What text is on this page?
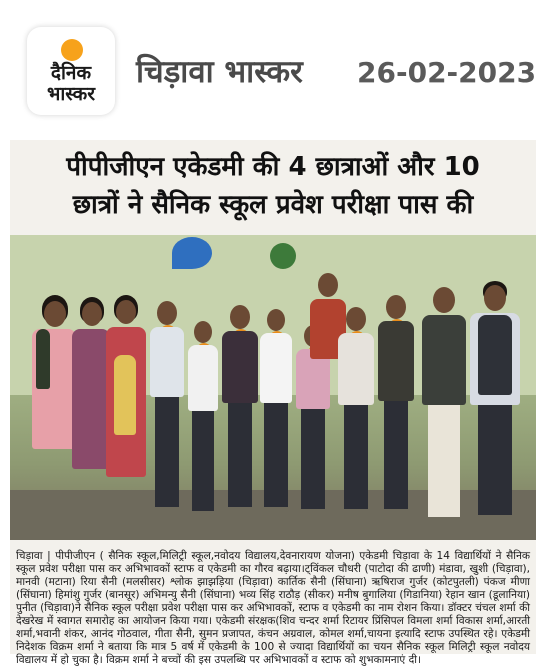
दैनिक
भास्कर
चिड़ावा भास्कर 26-02-2023
पीपीजीएन एकेडमी की 4 छात्राओं और 10
छात्रों ने सैनिक स्कूल प्रवेश परीक्षा पास की
चिड़ावा | पीपीजीएन ( सैनिक स्कूल,मिलिट्री स्कूल,नवोदय विद्यालय,देवनारायण योजना) एकेडमी चिड़ावा के 14 विद्यार्थियों ने सैनिक स्कूल प्रवेश परीक्षा पास कर अभिभावकों स्टाफ व एकेडमी का गौरव बढ़ाया।ट्विंकल चौधरी (पाटोदा की ढाणी) मंडावा, खुशी (चिड़ावा), मानवी (मटाना) रिया सैनी (मलसीसर) श्लोक झाझड़िया (चिड़ावा) कार्तिक सैनी (सिंघाना) ऋषिराज गुर्जर (कोटपुतली) पंकज मीणा (सिंघाना) हिमांशु गुर्जर (बानसूर) अभिमन्यु सैनी (सिंघाना) भव्य सिंह राठौड़ (सीकर) मनीष बुगालिया (गिडानिया) रेहान खान (डूलानिया) पुनीत (चिड़ावा)ने सैनिक स्कूल परीक्षा प्रवेश परीक्षा पास कर अभिभावकों, स्टाफ व एकेडमी का नाम रोशन किया। डॉक्टर चंचल शर्मा की देखरेख में स्वागत समारोह का आयोजन किया गया। एकेडमी संरक्षक(शिव चन्दर शर्मा रिटायर प्रिंसिपल विमला शर्मा विकास शर्मा,आरती शर्मा,भवानी शंकर, आनंद गोठवाल, गीता सैनी, सुमन प्रजापत, कंचन अग्रवाल, कोमल शर्मा,चायना इत्यादि स्टाफ उपस्थित रहे। एकेडमी निदेशक विक्रम शर्मा ने बताया कि मात्र 5 वर्ष में एकेडमी के 100 से ज्यादा विद्यार्थियों का चयन सैनिक स्कूल मिलिट्री स्कूल नवोदय विद्यालय में हो चुका है। विक्रम शर्मा ने बच्चों की इस उपलब्धि पर अभिभावकों व स्टाफ को शुभकामनाएं दी।
